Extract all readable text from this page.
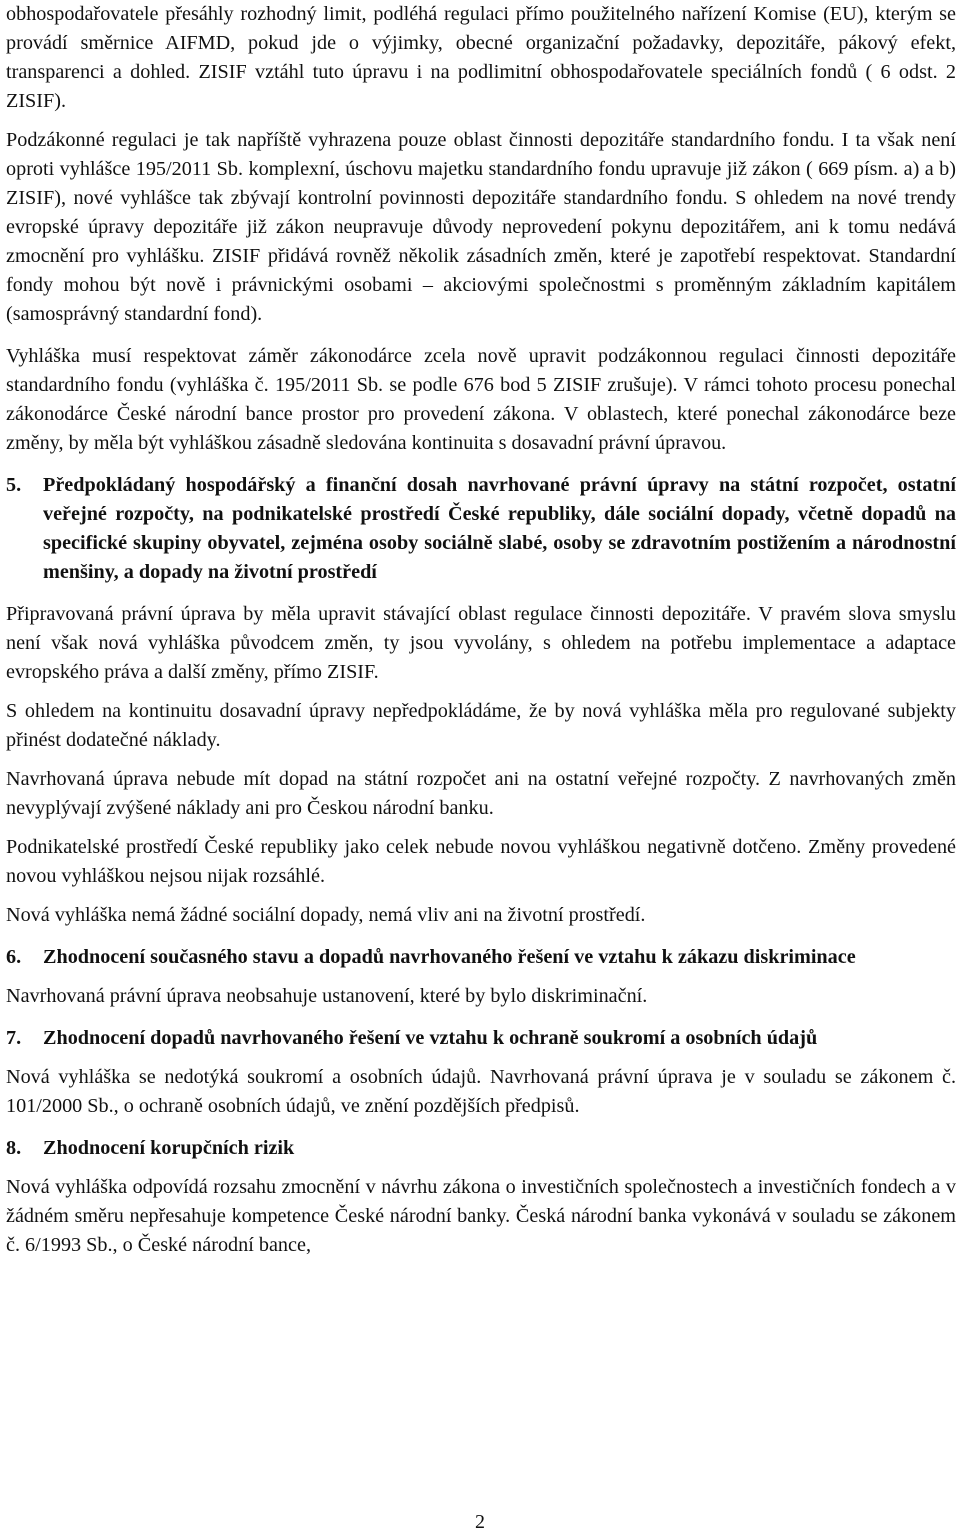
obhospodařovatele přesáhly rozhodný limit, podléhá regulaci přímo použitelného nařízení Komise (EU), kterým se provádí směrnice AIFMD, pokud jde o výjimky, obecné organizační požadavky, depozitáře, pákový efekt, transparenci a dohled. ZISIF vztáhl tuto úpravu i na podlimitní obhospodařovatele speciálních fondů ( 6 odst. 2 ZISIF).

Podzákonné regulaci je tak napříště vyhrazena pouze oblast činnosti depozitáře standardního fondu. I ta však není oproti vyhlášce 195/2011 Sb. komplexní, úschovu majetku standardního fondu upravuje již zákon ( 669 písm. a) a b) ZISIF), nové vyhlášce tak zbývají kontrolní povinnosti depozitáře standardního fondu. S ohledem na nové trendy evropské úpravy depozitáře již zákon neupravuje důvody neprovedení pokynu depozitářem, ani k tomu nedává zmocnění pro vyhlášku. ZISIF přidává rovněž několik zásadních změn, které je zapotřebí respektovat. Standardní fondy mohou být nově i právnickými osobami – akciovými společnostmi s proměnným základním kapitálem (samosprávný standardní fond).

Vyhláška musí respektovat záměr zákonodárce zcela nově upravit podzákonnou regulaci činnosti depozitáře standardního fondu (vyhláška č. 195/2011 Sb. se podle 676 bod 5 ZISIF zrušuje). V rámci tohoto procesu ponechal zákonodárce České národní bance prostor pro provedení zákona. V oblastech, které ponechal zákonodárce beze změny, by měla být vyhláškou zásadně sledována kontinuita s dosavadní právní úpravou.

5.	Předpokládaný hospodářský a finanční dosah navrhované právní úpravy na státní rozpočet, ostatní veřejné rozpočty, na podnikatelské prostředí České republiky, dále sociální dopady, včetně dopadů na specifické skupiny obyvatel, zejména osoby sociálně slabé, osoby se zdravotním postižením a národnostní menšiny, a dopady na životní prostředí

Připravovaná právní úprava by měla upravit stávající oblast regulace činnosti depozitáře. V pravém slova smyslu není však nová vyhláška původcem změn, ty jsou vyvolány, s ohledem na potřebu implementace a adaptace evropského práva a další změny, přímo ZISIF.

S ohledem na kontinuitu dosavadní úpravy nepředpokládáme, že by nová vyhláška měla pro regulované subjekty přinést dodatečné náklady.

Navrhovaná úprava nebude mít dopad na státní rozpočet ani na ostatní veřejné rozpočty. Z navrhovaných změn nevyplývají zvýšené náklady ani pro Českou národní banku.

Podnikatelské prostředí České republiky jako celek nebude novou vyhláškou negativně dotčeno. Změny provedené novou vyhláškou nejsou nijak rozsáhlé.

Nová vyhláška nemá žádné sociální dopady, nemá vliv ani na životní prostředí.

6.	Zhodnocení současného stavu a dopadů navrhovaného řešení ve vztahu k zákazu diskriminace

Navrhovaná právní úprava neobsahuje ustanovení, které by bylo diskriminační.

7.	Zhodnocení dopadů navrhovaného řešení ve vztahu k ochraně soukromí a osobních údajů

Nová vyhláška se nedotýká soukromí a osobních údajů. Navrhovaná právní úprava je v souladu se zákonem č. 101/2000 Sb., o ochraně osobních údajů, ve znění pozdějších předpisů.

8.	Zhodnocení korupčních rizik

Nová vyhláška odpovídá rozsahu zmocnění v návrhu zákona o investičních společnostech a investičních fondech a v žádném směru nepřesahuje kompetence České národní banky. Česká národní banka vykonává v souladu se zákonem č. 6/1993 Sb., o České národní bance,

2
